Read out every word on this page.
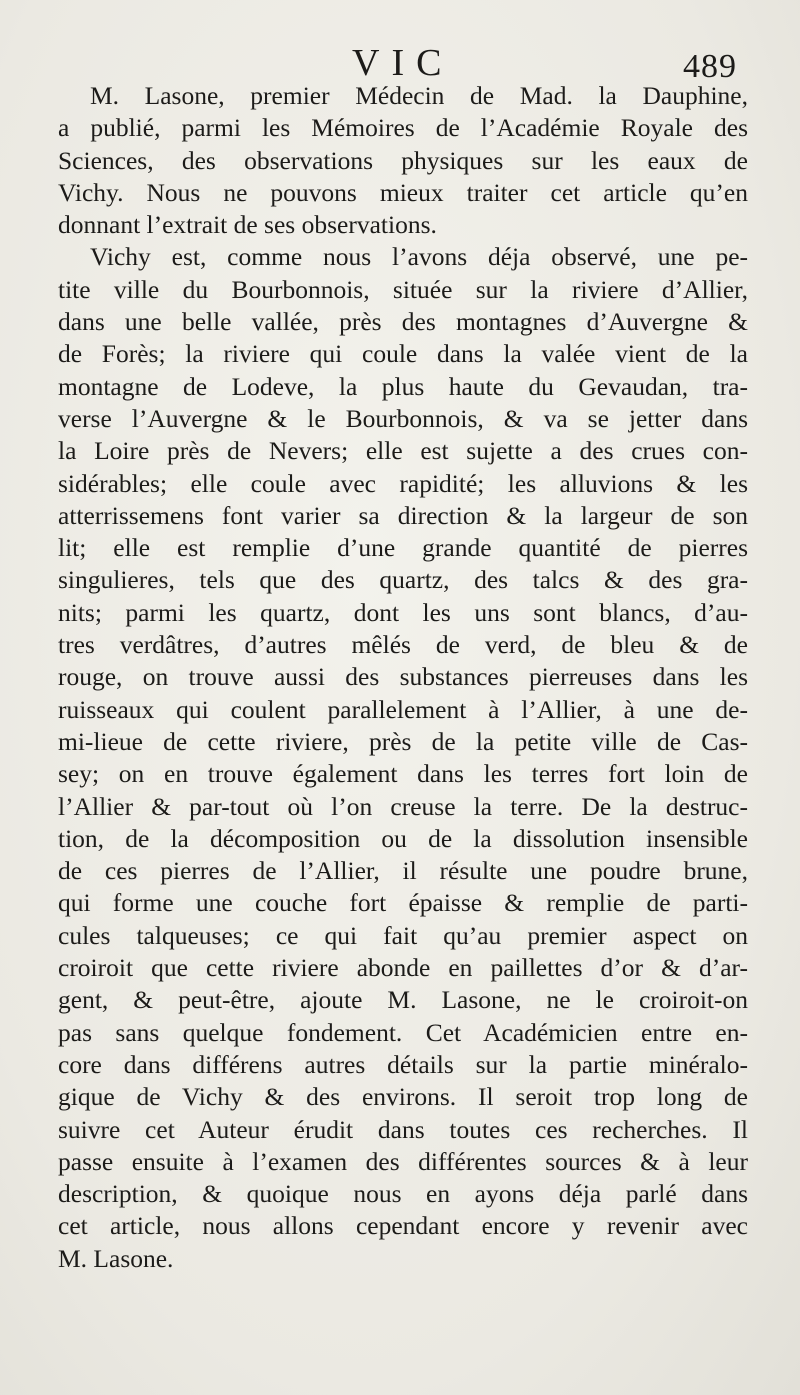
VIC	489
M. Lasone, premier Médecin de Mad. la Dauphine,
a publié, parmi les Mémoires de l’Académie Royale des
Sciences, des observations physiques sur les eaux de
Vichy. Nous ne pouvons mieux traiter cet article qu’en
donnant l’extrait de ses observations.
Vichy est, comme nous l’avons déja observé, une pe-
tite ville du Bourbonnois, située sur la riviere d’Allier,
dans une belle vallée, près des montagnes d’Auvergne &
de Forès; la riviere qui coule dans la valée vient de la
montagne de Lodeve, la plus haute du Gevaudan, tra-
verse l’Auvergne & le Bourbonnois, & va se jetter dans
la Loire près de Nevers; elle est sujette a des crues con-
sidérables; elle coule avec rapidité; les alluvions & les
atterrissemens font varier sa direction & la largeur de son
lit; elle est remplie d’une grande quantité de pierres
singulieres, tels que des quartz, des talcs & des gra-
nits; parmi les quartz, dont les uns sont blancs, d’au-
tres verdâtres, d’autres mêlés de verd, de bleu & de
rouge, on trouve aussi des substances pierreuses dans les
ruisseaux qui coulent parallelement à l’Allier, à une de-
mi-lieue de cette riviere, près de la petite ville de Cas-
sey; on en trouve également dans les terres fort loin de
l’Allier & par-tout où l’on creuse la terre. De la destruc-
tion, de la décomposition ou de la dissolution insensible
de ces pierres de l’Allier, il résulte une poudre brune,
qui forme une couche fort épaisse & remplie de parti-
cules talqueuses; ce qui fait qu’au premier aspect on
croiroit que cette riviere abonde en paillettes d’or & d’ar-
gent, & peut-être, ajoute M. Lasone, ne le croiroit-on
pas sans quelque fondement. Cet Académicien entre en-
core dans différens autres détails sur la partie minéralo-
gique de Vichy & des environs. Il seroit trop long de
suivre cet Auteur érudit dans toutes ces recherches. Il
passe ensuite à l’examen des différentes sources & à leur
description, & quoique nous en ayons déja parlé dans
cet article, nous allons cependant encore y revenir avec
M. Lasone.
